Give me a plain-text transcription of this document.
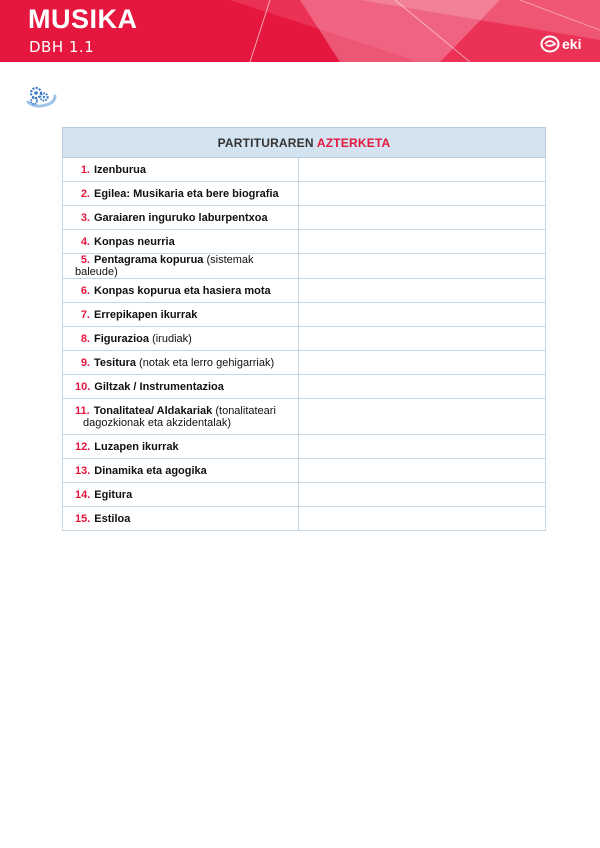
MUSIKA
DBH 1.1	eki
PARTITURAREN AZTERKETA	
1. Izenburua	
2. Egilea: Musikaria eta bere biografia	
3. Garaiaren inguruko laburpentxoa	
4. Konpas neurria	
5. Pentagrama kopurua (sistemak baleude)	
6. Konpas kopurua eta hasiera mota	
7. Errepikapen ikurrak	
8. Figurazioa (irudiak)	
9. Tesitura (notak eta lerro gehigarriak)	
10. Giltzak / Instrumentazioa	
11. Tonalitatea/ Aldakariak (tonalitateari
dagozkionak eta akzidentalak)	

12. Luzapen ikurrak	
13. Dinamika eta agogika	
14. Egitura	
15. Estiloa	
